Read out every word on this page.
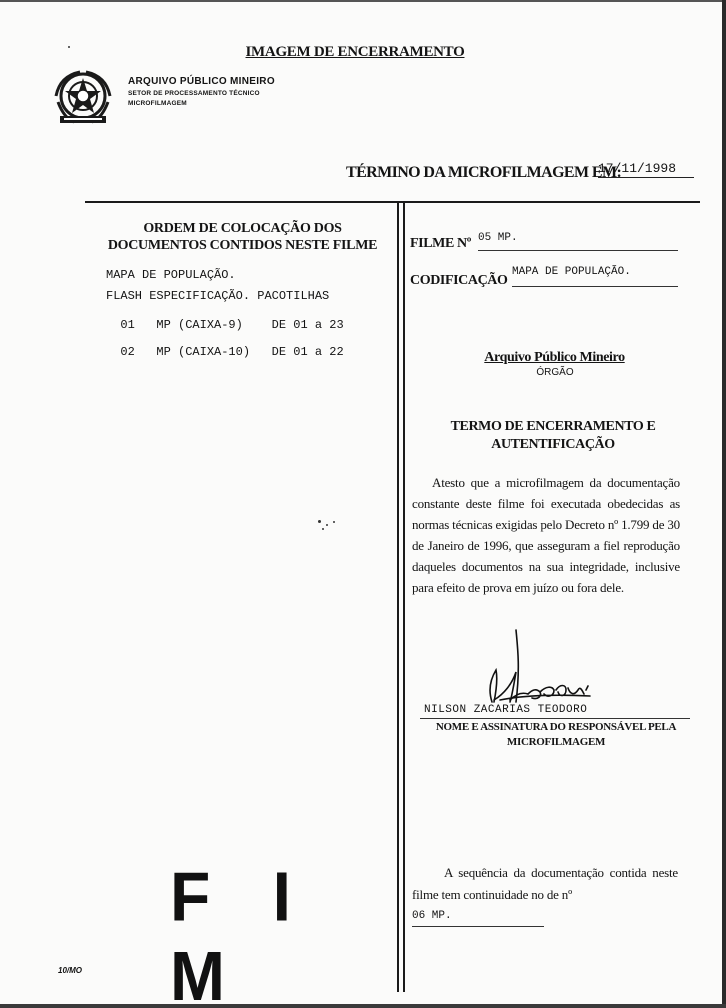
IMAGEM DE ENCERRAMENTO
ARQUIVO PÚBLICO MINEIRO
SETOR DE PROCESSAMENTO TÉCNICO
MICROFILMAGEM
TÉRMINO DA MICROFILMAGEM EM:
17/11/1998
ORDEM DE COLOCAÇÃO DOS DOCUMENTOS CONTIDOS NESTE FILME
MAPA DE POPULAÇÃO.
FLASH ESPECIFICAÇÃO. PACOTILHAS
01 MP (CAIXA-9) DE 01 a 23
02 MP (CAIXA-10) DE 01 a 22
FILME Nº 05 MP.
CODIFICAÇÃO
MAPA DE POPULAÇÃO.
Arquivo Público Mineiro
ÓRGÃO
TERMO DE ENCERRAMENTO E AUTENTIFICAÇÃO
Atesto que a microfilmagem da documentação constante deste filme foi executada obedecidas as normas técnicas exigidas pelo Decreto nº 1.799 de 30 de Janeiro de 1996, que asseguram a fiel reprodução daqueles documentos na sua integridade, inclusive para efeito de prova em juízo ou fora dele.
NILSON ZACARIAS TEODORO
NOME E ASSINATURA DO RESPONSÁVEL PELA MICROFILMAGEM
A sequência da documentação contida neste filme tem continuidade no de nº
06 MP.
F I M
10/MO
